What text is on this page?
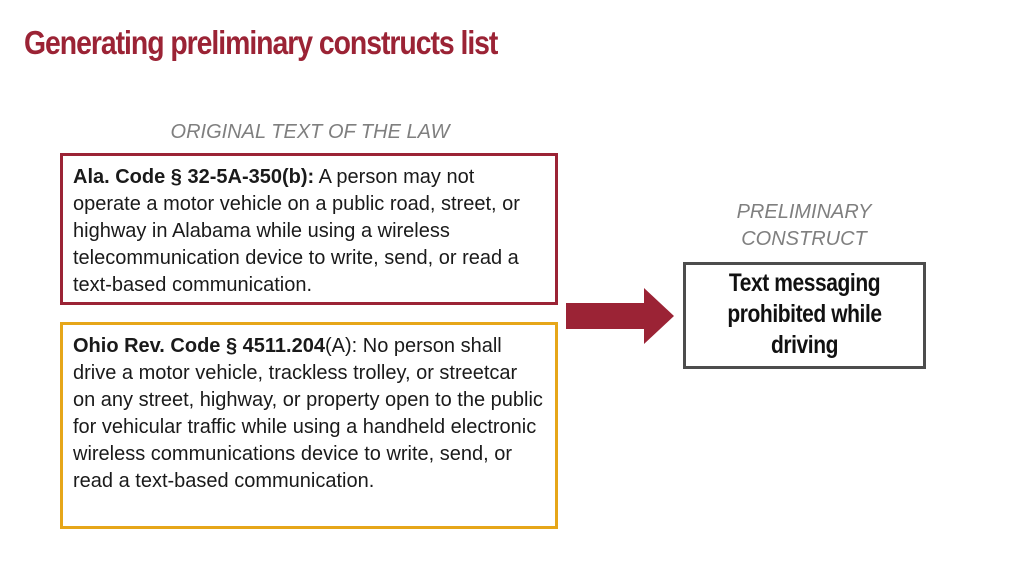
Generating preliminary constructs list
ORIGINAL TEXT OF THE LAW
Ala. Code § 32-5A-350(b): A person may not operate a motor vehicle on a public road, street, or highway in Alabama while using a wireless telecommunication device to write, send, or read a text-based communication.
Ohio Rev. Code § 4511.204(A): No person shall drive a motor vehicle, trackless trolley, or streetcar on any street, highway, or property open to the public for vehicular traffic while using a handheld electronic wireless communications device to write, send, or read a text-based communication.
PRELIMINARY CONSTRUCT
Text messaging prohibited while driving
